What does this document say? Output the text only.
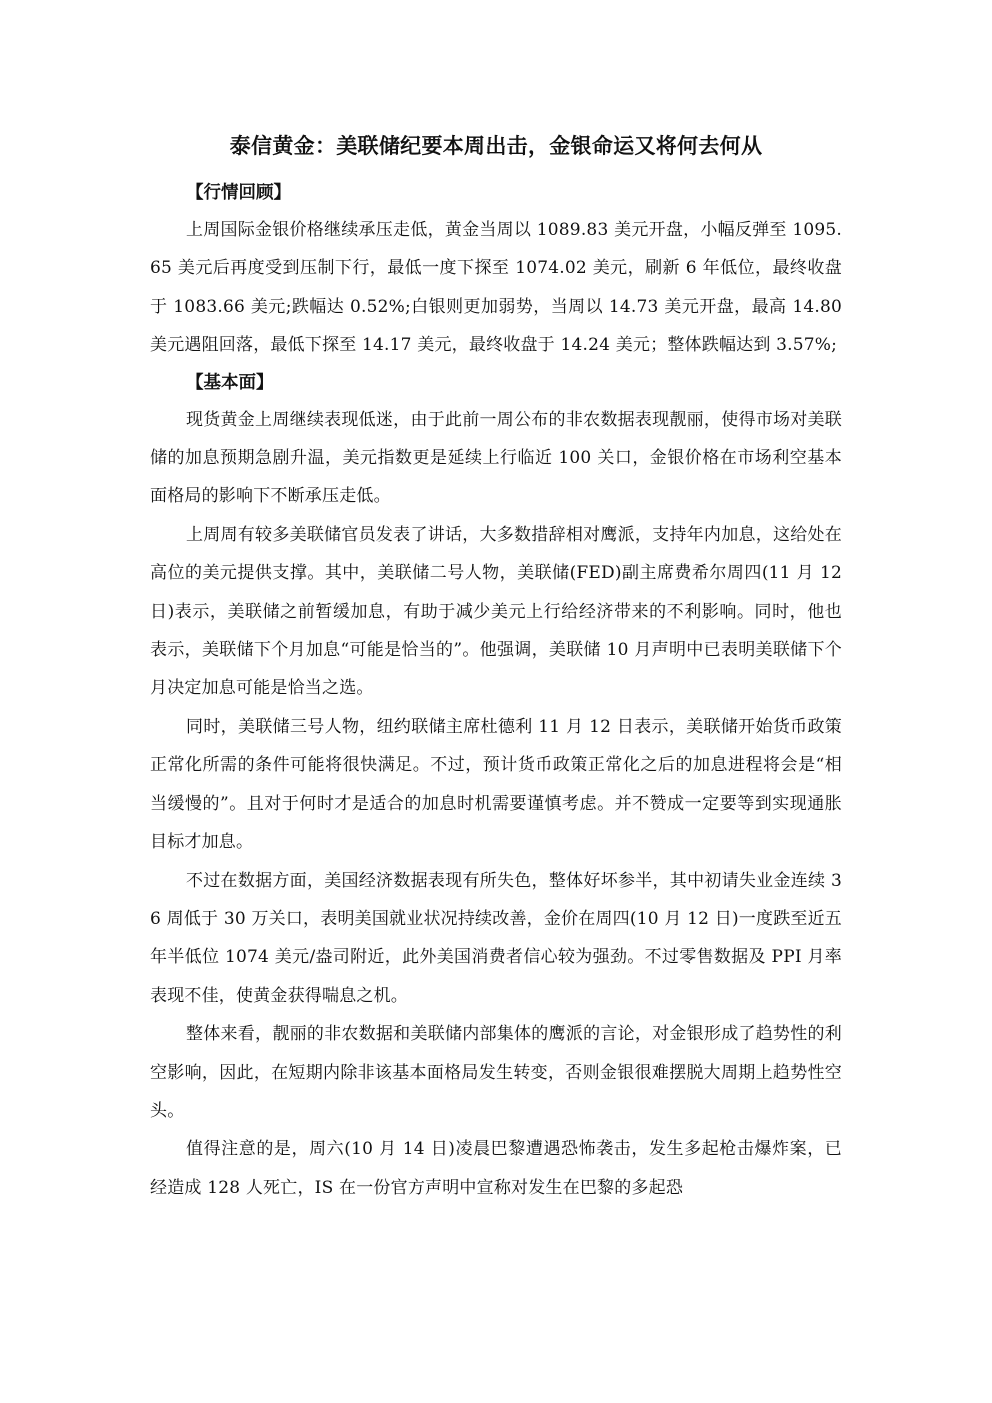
泰信黄金：美联储纪要本周出击，金银命运又将何去何从
【行情回顾】

上周国际金银价格继续承压走低，黄金当周以 1089.83 美元开盘，小幅反弹至 1095.65 美元后再度受到压制下行，最低一度下探至 1074.02 美元，刷新 6 年低位，最终收盘于 1083.66 美元;跌幅达 0.52%;白银则更加弱势，当周以 14.73 美元开盘，最高 14.80 美元遇阻回落，最低下探至 14.17 美元，最终收盘于 14.24 美元；整体跌幅达到 3.57%;

【基本面】

现货黄金上周继续表现低迷，由于此前一周公布的非农数据表现靓丽，使得市场对美联储的加息预期急剧升温，美元指数更是延续上行临近 100 关口，金银价格在市场利空基本面格局的影响下不断承压走低。

上周周有较多美联储官员发表了讲话，大多数措辞相对鹰派，支持年内加息，这给处在高位的美元提供支撑。其中，美联储二号人物，美联储(FED)副主席费希尔周四(11 月 12 日)表示，美联储之前暂缓加息，有助于减少美元上行给经济带来的不利影响。同时，他也表示，美联储下个月加息“可能是恰当的”。他强调，美联储 10 月声明中已表明美联储下个月决定加息可能是恰当之选。

同时，美联储三号人物，纽约联储主席杜德利 11 月 12 日表示，美联储开始货币政策正常化所需的条件可能将很快满足。不过，预计货币政策正常化之后的加息进程将会是“相当缓慢的”。且对于何时才是适合的加息时机需要谨慎考虑。并不赞成一定要等到实现通胀目标才加息。

不过在数据方面，美国经济数据表现有所失色，整体好坏参半，其中初请失业金连续 36 周低于 30 万关口，表明美国就业状况持续改善，金价在周四(10 月 12 日)一度跌至近五年半低位 1074 美元/盎司附近，此外美国消费者信心较为强劲。不过零售数据及 PPI 月率表现不佳，使黄金获得喘息之机。

整体来看，靓丽的非农数据和美联储内部集体的鹰派的言论，对金银形成了趋势性的利空影响，因此，在短期内除非该基本面格局发生转变，否则金银很难摆脱大周期上趋势性空头。

值得注意的是，周六(10 月 14 日)凌晨巴黎遭遇恐怖袭击，发生多起枪击爆炸案，已经造成 128 人死亡，IS 在一份官方声明中宣称对发生在巴黎的多起恐
